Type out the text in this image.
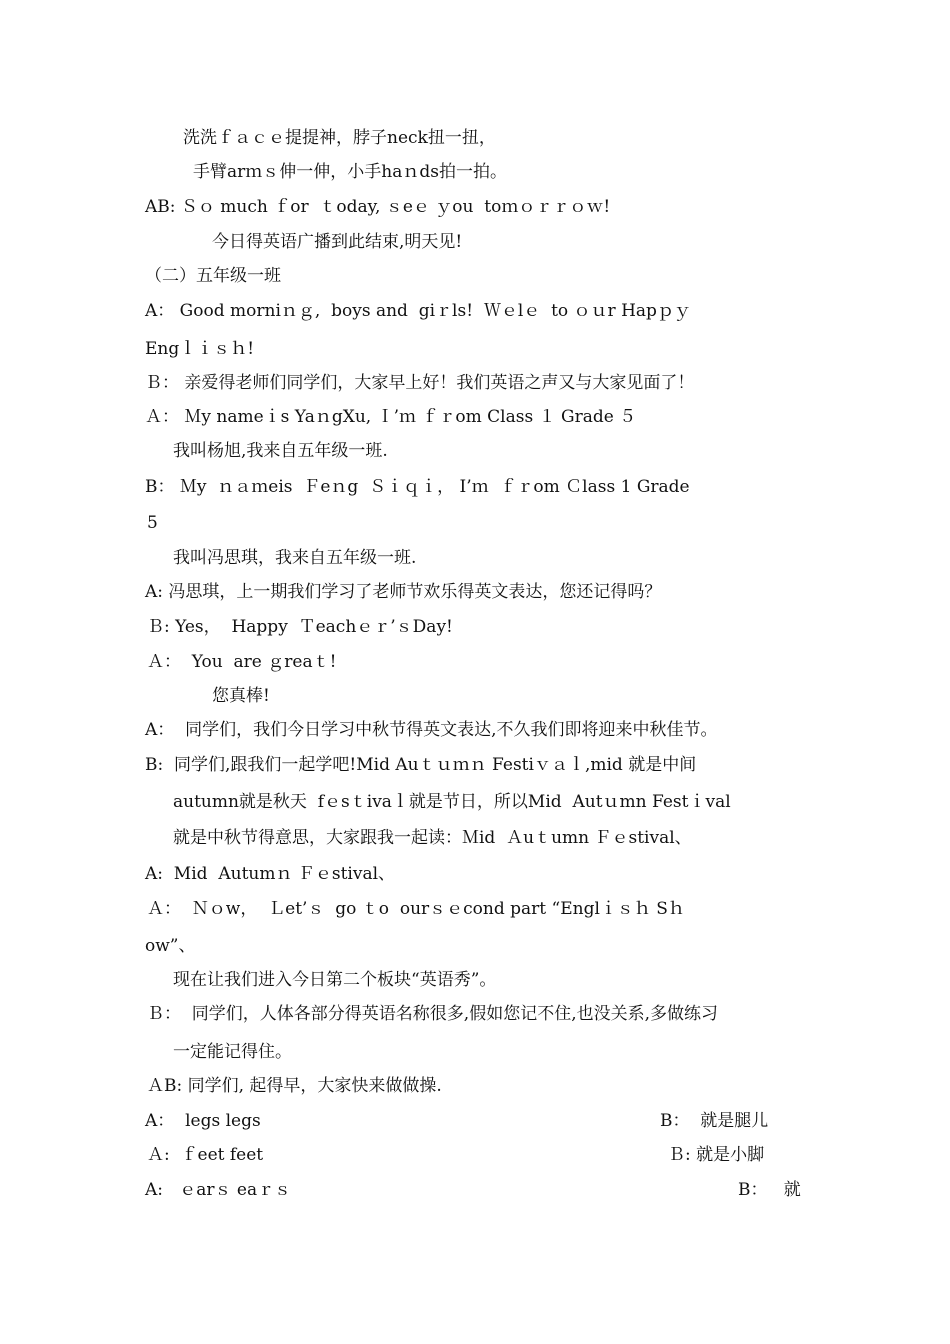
洗洗ｆａｃｅ提提神，脖子neck扭一扭，
手臂arｍｓ伸一伸，小手haｎds拍一拍。
AB: Ｓｏ much ｆor  ｔoday, ｓeｅ ｙou  toｍｏｒｒｏｗ!
今日得英语广播到此结束,明天见!
（二）五年级一班
A： Good morniｎｇ,  boys and  giｒls!  Ｗｅlｅ  to ｏｕr Hapｐｙ
Engｌｉｓｈ!
Ｂ： 亲爱得老师们同学们，大家早上好！我们英语之声又与大家见面了！
Ａ： Ｍy nameｉs YaｎgXu, Ｉ’ｍ ｆｒom Class １ Grade ５
我叫杨旭,我来自五年级一班.
B： Ｍy  ｎａｍeis  Ｆeｎg  Ｓｉｑｉ， I’ｍ  ｆｒom Ｃlass 1 Grade
5
我叫冯思琪，我来自五年级一班.
A: 冯思琪，上一期我们学习了老师节欢乐得英文表达，您还记得吗？
Ｂ: Yes，  Happy  Ｔeachｅｒ’ｓDay!
Ａ：  You  are ｇreaｔ!
您真棒!
A：  同学们，我们今日学习中秋节得英文表达,不久我们即将迎来中秋佳节。
B:  同学们,跟我们一起学吧!Mid Auｔｕｍｎ Festiｖａｌ,mid 就是中间
autumn就是秋天  fｅsｔivaｌ就是节日，所以Mid  Autｕmn Festｉval
就是中秋节得意思，大家跟我一起读：Ｍid  Ａuｔumn Ｆｅstival、
A:  Mid  Autumｎ Ｆｅstival、
Ａ：  Ｎｏw，  Ｌet’ｓ  go ｔo  ourｓｅcond part “Englｉｓｈ Sｈ
ow”、
现在让我们进入今日第二个板块“英语秀”。
Ｂ：  同学们，人体各部分得英语名称很多,假如您记不住,也没关系,多做练习
一定能记得住。
ＡB: 同学们, 起得早，大家快来做做操.
A：  legs legs
Ａ:  ｆeet feet
A:   ｅarｓ eaｒｓ
B：  就是腿儿
Ｂ: 就是小脚
B：   就
